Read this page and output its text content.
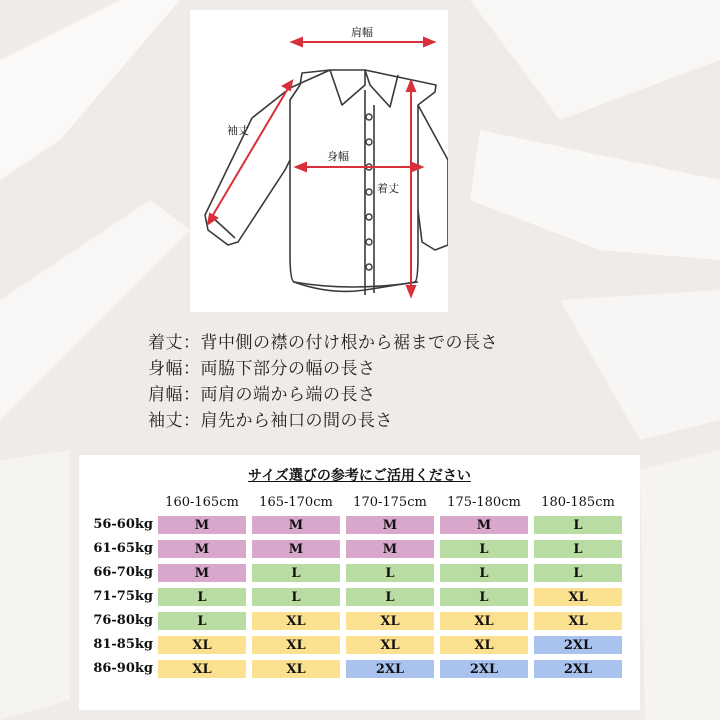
肩幅
袖丈
身幅
着丈
着丈：背中側の襟の付け根から裾までの長さ
身幅：両脇下部分の幅の長さ
肩幅：両肩の端から端の長さ
袖丈：肩先から袖口の間の長さ
サイズ選びの参考にご活用ください
160-165cm	165-170cm	170-175cm	175-180cm	180-185cm
56-60kg	M	M	M	M	L
61-65kg	M	M	M	L	L
66-70kg	M	L	L	L	L
71-75kg	L	L	L	L	XL
76-80kg	L	XL	XL	XL	XL
81-85kg	XL	XL	XL	XL	2XL
86-90kg	XL	XL	2XL	2XL	2XL
